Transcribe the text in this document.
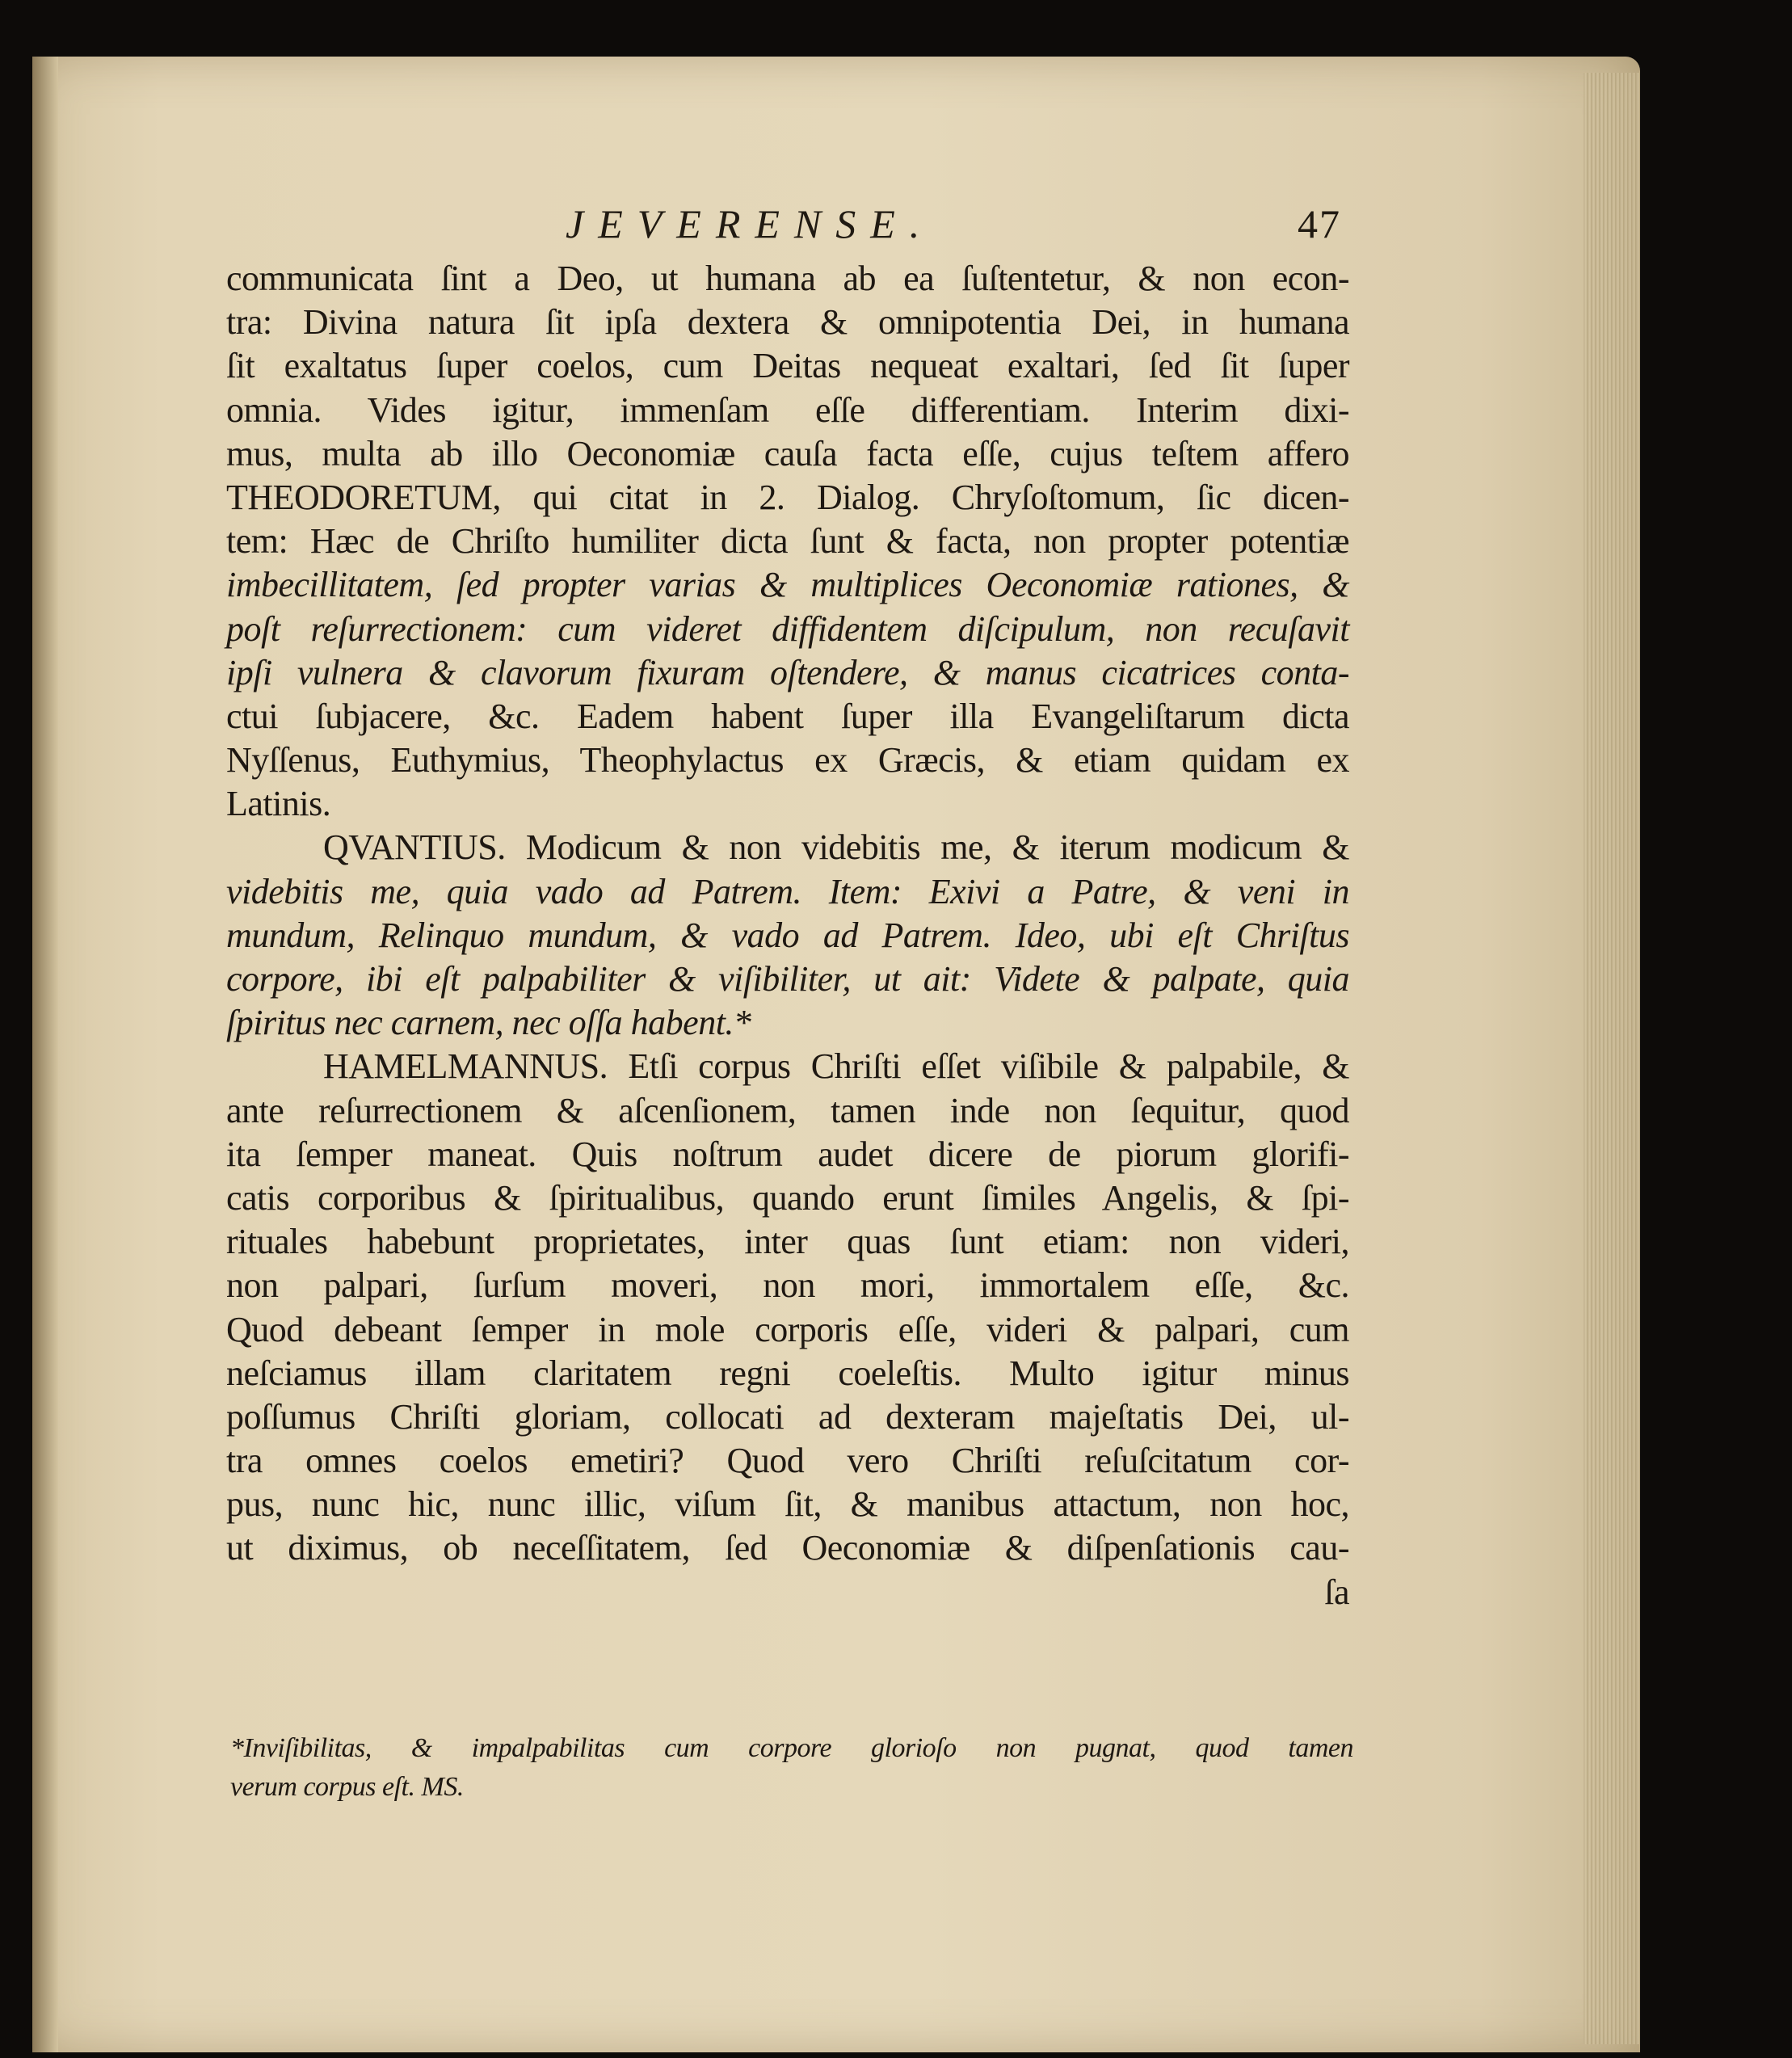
JEVERENSE.	47
communicata ſint a Deo, ut humana ab ea ſuſtentetur, & non econ-
tra: Divina natura ſit ipſa dextera & omnipotentia Dei, in humana
ſit exaltatus ſuper coelos, cum Deitas nequeat exaltari, ſed ſit ſuper
omnia. Vides igitur, immenſam eſſe differentiam. Interim dixi-
mus, multa ab illo Oeconomiæ cauſa facta eſſe, cujus teſtem affero
THEODORETUM, qui citat in 2. Dialog. Chryſoſtomum, ſic dicen-
tem: Hæc de Chriſto humiliter dicta ſunt & facta, non propter potentiæ
imbecillitatem, ſed propter varias & multiplices Oeconomiæ rationes, &
poſt reſurrectionem: cum videret diffidentem diſcipulum, non recuſavit
ipſi vulnera & clavorum fixuram oſtendere, & manus cicatrices conta-
ctui ſubjacere, &c. Eadem habent ſuper illa Evangeliſtarum dicta
Nyſſenus, Euthymius, Theophylactus ex Græcis, & etiam quidam ex
Latinis.
QVANTIUS. Modicum & non videbitis me, & iterum modicum &
videbitis me, quia vado ad Patrem. Item: Exivi a Patre, & veni in
mundum, Relinquo mundum, & vado ad Patrem. Ideo, ubi eſt Chriſtus
corpore, ibi eſt palpabiliter & viſibiliter, ut ait: Videte & palpate, quia
ſpiritus nec carnem, nec oſſa habent.*
HAMELMANNUS. Etſi corpus Chriſti eſſet viſibile & palpabile, &
ante reſurrectionem & aſcenſionem, tamen inde non ſequitur, quod
ita ſemper maneat. Quis noſtrum audet dicere de piorum glorifi-
catis corporibus & ſpiritualibus, quando erunt ſimiles Angelis, & ſpi-
rituales habebunt proprietates, inter quas ſunt etiam: non videri,
non palpari, ſurſum moveri, non mori, immortalem eſſe, &c.
Quod debeant ſemper in mole corporis eſſe, videri & palpari, cum
neſciamus illam claritatem regni coeleſtis. Multo igitur minus
poſſumus Chriſti gloriam, collocati ad dexteram majeſtatis Dei, ul-
tra omnes coelos emetiri? Quod vero Chriſti reſuſcitatum cor-
pus, nunc hic, nunc illic, viſum ſit, & manibus attactum, non hoc,
ut diximus, ob neceſſitatem, ſed Oeconomiæ & diſpenſationis cau-
ſa
*Inviſibilitas, & impalpabilitas cum corpore glorioſo non pugnat, quod tamen
verum corpus eſt. MS.
